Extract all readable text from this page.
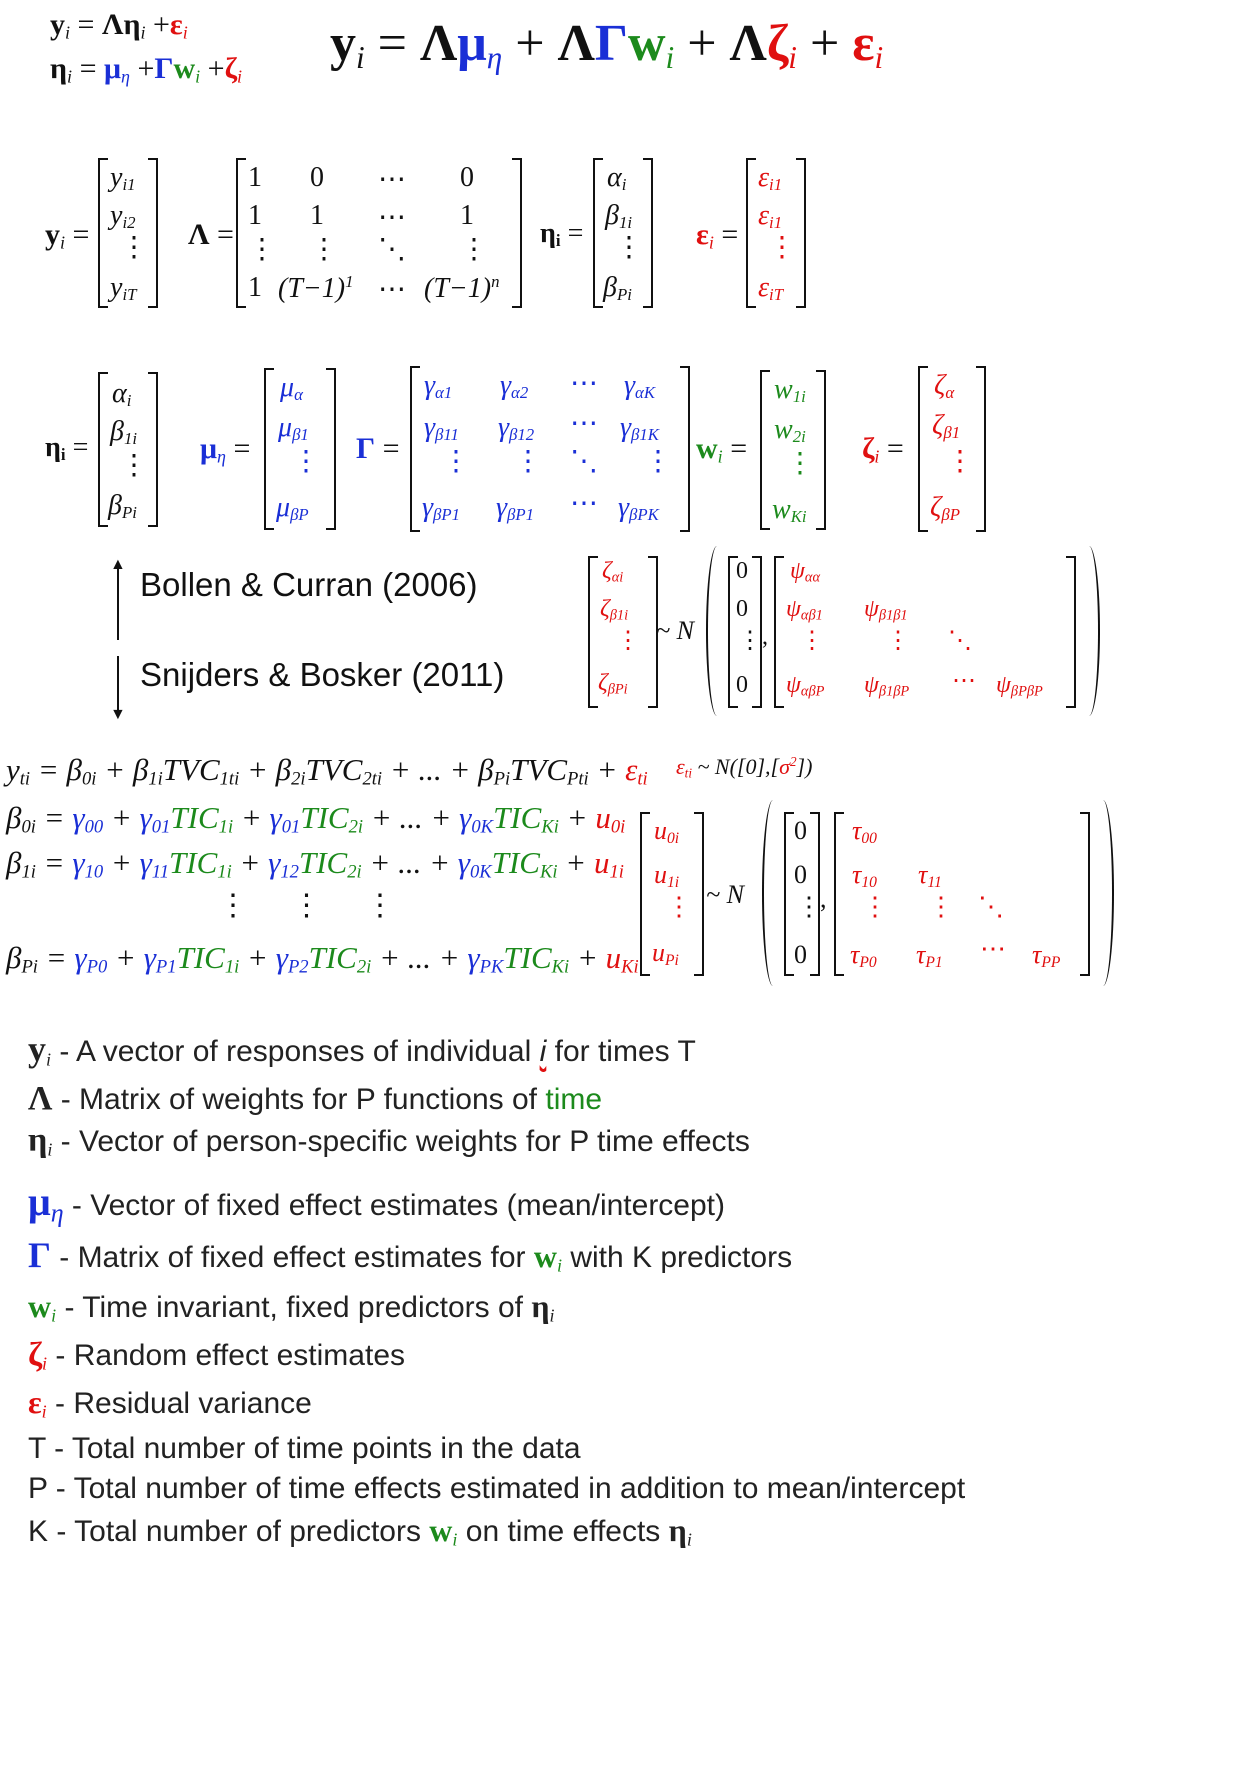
$y_i = \Lambda\eta_i +\varepsilon_i$
$\eta_i = \mu_\eta +\Gamma w_i +\zeta_i$
$y_i = \Lambda\mu_\eta + \Lambda\Gamma w_i + \Lambda\zeta_i + \varepsilon_i$
$y_i$ =
$y_{i1}$
$y_{i2}$
⋮
$y_{iT}$
Λ =
1 0 ⋯ 0
1 1 ⋯ 1
⋮ ⋮ ⋱ ⋮
1 $(T-1)^1$ ⋯ $(T-1)^n$
$\eta_i$ =
$\alpha_i$
$\beta_{1i}$
⋮
$\beta_{Pi}$
$\varepsilon_i$ =
$\varepsilon_{i1}$
$\varepsilon_{i1}$
⋮
$\varepsilon_{iT}$
$\eta_i$ =
$\alpha_i$
$\beta_{1i}$
⋮
$\beta_{Pi}$
$\mu_\eta$ =
$\mu_\alpha$
$\mu_{\beta 1}$
⋮
$\mu_{\beta P}$
Γ =
$\gamma_{\alpha 1}$ $\gamma_{\alpha 2}$ ⋯ $\gamma_{\alpha K}$
$\gamma_{\beta 11}$ $\gamma_{\beta 12}$ ⋯ $\gamma_{\beta 1K}$
⋮ ⋮ ⋱ ⋮
$\gamma_{\beta P1}$ $\gamma_{\beta P1}$ ⋯ $\gamma_{\beta PK}$
$w_i$ =
$w_{1i}$
$w_{2i}$
⋮
$w_{Ki}$
$\zeta_i$ =
$\zeta_\alpha$
$\zeta_{\beta 1}$
⋮
$\zeta_{\beta P}$
▲
Bollen & Curran (2006)
▼
Snijders & Bosker (2011)
$\zeta_{\alpha i}$
$\zeta_{\beta 1i}$
⋮
$\zeta_{\beta Pi}$
~ N
0
0
⋮
0
,
$\psi_{\alpha\alpha}$
$\psi_{\alpha\beta 1}$ $\psi_{\beta 1\beta 1}$
⋮	⋮ ⋱
$\psi_{\alpha\beta P}$ $\psi_{\beta 1\beta P}$ ⋯ $\psi_{\beta P\beta P}$
$y_{ti} = \beta_{0i} + \beta_{1i}TVC_{1ti} + \beta_{2i}TVC_{2ti}$ + ... + $\beta_{Pi}TVC_{Pti} + \varepsilon_{ti}$
$\varepsilon_{ti}$ ~ $N([0],[\sigma^2])$
$\beta_{0i} = \gamma_{00} + \gamma_{01}TIC_{1i} + \gamma_{01}TIC_{2i}$ + ... + $\gamma_{0K}TIC_{Ki} + u_{0i}$
$\beta_{1i} = \gamma_{10} + \gamma_{11}TIC_{1i} + \gamma_{12}TIC_{2i}$ + ... + $\gamma_{0K}TIC_{Ki} + u_{1i}$
⋮ ⋮ ⋮
$\beta_{Pi} = \gamma_{P0} + \gamma_{P1}TIC_{1i} + \gamma_{P2}TIC_{2i}$ + ... + $\gamma_{PK}TIC_{Ki} + u_{Ki}$
$u_{0i}$
$u_{1i}$
⋮
$u_{Pi}$
~ N
0
0
⋮
0
,
$\tau_{00}$
$\tau_{10}$ $\tau_{11}$
⋮ ⋮ ⋱
$\tau_{P0}$ $\tau_{P1}$ ⋯ $\tau_{PP}$
$y_i$ - A vector of responses of individual i for times T
Λ - Matrix of weights for P functions of time
$\eta_i$ - Vector of person-specific weights for P time effects
$\mu_\eta$ - Vector of fixed effect estimates (mean/intercept)
Γ - Matrix of fixed effect estimates for $w_i$ with K predictors
$w_i$ - Time invariant, fixed predictors of $\eta_i$
$\zeta_i$ - Random effect estimates
$\varepsilon_i$ - Residual variance
T - Total number of time points in the data
P - Total number of time effects estimated in addition to mean/intercept
K - Total number of predictors $w_i$ on time effects $\eta_i$
